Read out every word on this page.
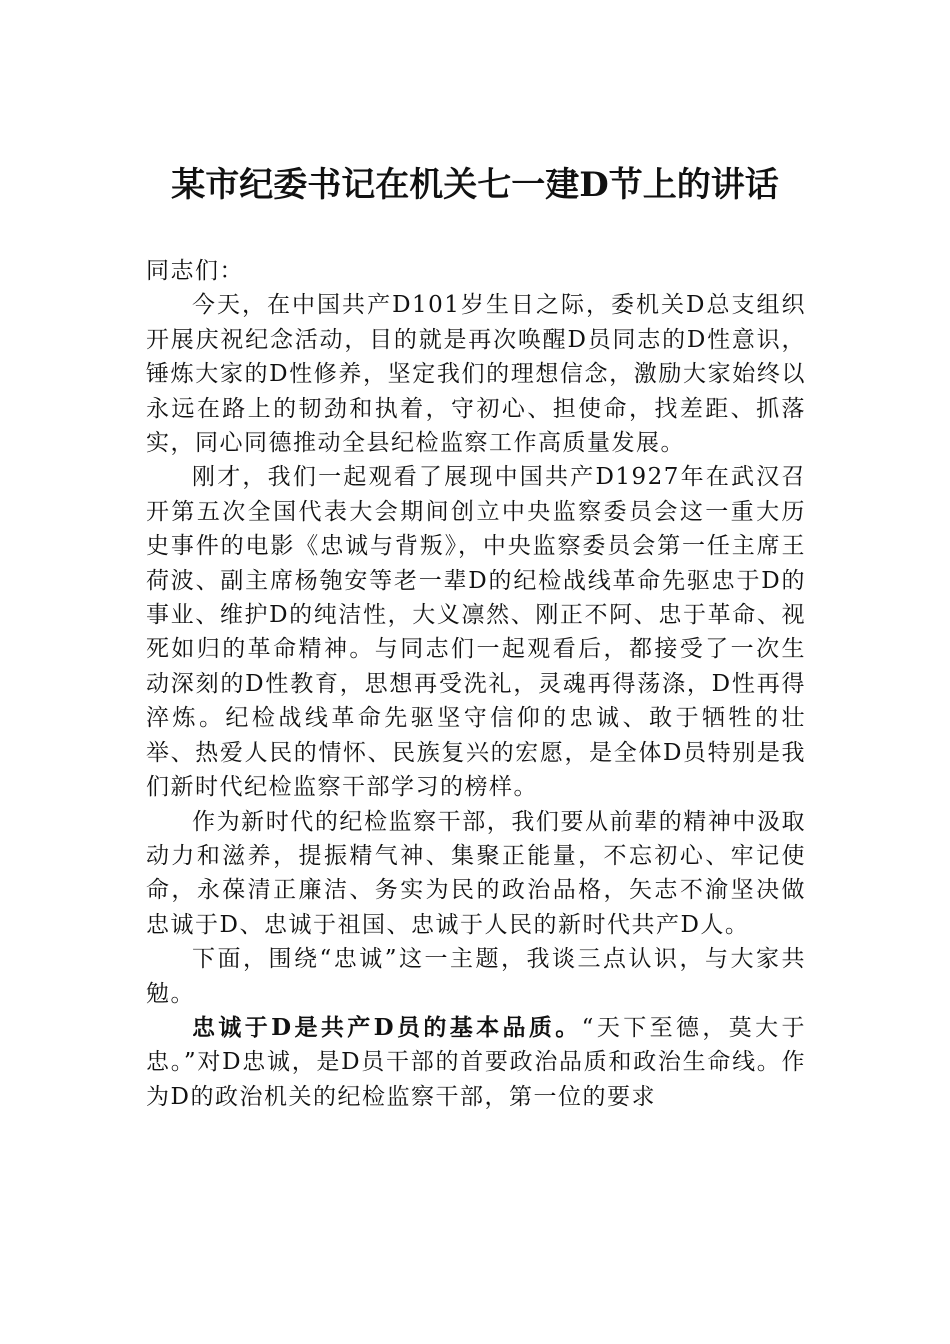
某市纪委书记在机关七一建D节上的讲话

同志们：

今天，在中国共产D101岁生日之际，委机关D总支组织开展庆祝纪念活动，目的就是再次唤醒D员同志的D性意识，锤炼大家的D性修养，坚定我们的理想信念，激励大家始终以永远在路上的韧劲和执着，守初心、担使命，找差距、抓落实，同心同德推动全县纪检监察工作高质量发展。

刚才，我们一起观看了展现中国共产D1927年在武汉召开第五次全国代表大会期间创立中央监察委员会这一重大历史事件的电影《忠诚与背叛》，中央监察委员会第一任主席王荷波、副主席杨匏安等老一辈D的纪检战线革命先驱忠于D的事业、维护D的纯洁性，大义凛然、刚正不阿、忠于革命、视死如归的革命精神。与同志们一起观看后，都接受了一次生动深刻的D性教育，思想再受洗礼，灵魂再得荡涤，D性再得淬炼。纪检战线革命先驱坚守信仰的忠诚、敢于牺牲的壮举、热爱人民的情怀、民族复兴的宏愿，是全体D员特别是我们新时代纪检监察干部学习的榜样。

作为新时代的纪检监察干部，我们要从前辈的精神中汲取动力和滋养，提振精气神、集聚正能量，不忘初心、牢记使命，永葆清正廉洁、务实为民的政治品格，矢志不渝坚决做忠诚于D、忠诚于祖国、忠诚于人民的新时代共产D人。

下面，围绕“忠诚”这一主题，我谈三点认识，与大家共勉。

忠诚于D是共产D员的基本品质。“天下至德，莫大于忠。”对D忠诚，是D员干部的首要政治品质和政治生命线。作为D的政治机关的纪检监察干部，第一位的要求
